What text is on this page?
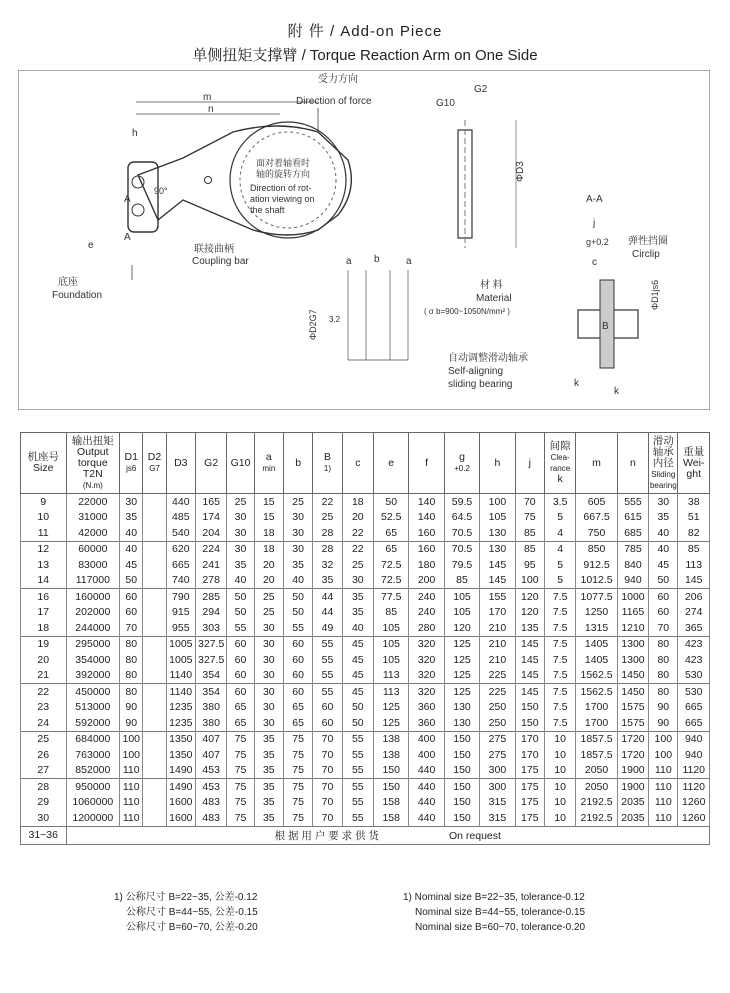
附 件 / Add-on Piece
单侧扭矩支撑臂 / Torque Reaction Arm on One Side
m
n
受力方向
Direction of force
面对着轴看时
轴的旋转方向
Direction of rot-
ation viewing on
the shaft
h
A
A
e
90°
联接曲柄
Coupling bar
底座
Foundation
G2
G10
ΦD3
a b	a
ΦD2G7 3.2
材 料
Material
( σ b=900~1050N/mm² )
自动调整滑动轴承
Self-aligning
sliding bearing
A-A
B
j
g+0.2
c
弹性挡圈
Circlip
ΦD1js6
k
k
机座号
Size	输出扭矩
Output
torque
T2N
(N.m)	D1
js6	D2
G7	D3	G2	G10	a
min	b	B
1)	c	e	f	g
+0.2	h	j	间隙
Clea-
rance
k	m	n	滑动
轴承
内径
Sliding
bearing	重量
Wei-
ght
9	22000	30		440	165	25	15	25	22	18	50	140	59.5	100	70	3.5	605	555	30	38
10	31000	35		485	174	30	15	30	25	20	52.5	140	64.5	105	75	5	667.5	615	35	51
11	42000	40		540	204	30	18	30	28	22	65	160	70.5	130	85	4	750	685	40	82
12	60000	40		620	224	30	18	30	28	22	65	160	70.5	130	85	4	850	785	40	85
13	83000	45		665	241	35	20	35	32	25	72.5	180	79.5	145	95	5	912.5	840	45	113
14	117000	50		740	278	40	20	40	35	30	72.5	200	85	145	100	5	1012.5	940	50	145
16	160000	60		790	285	50	25	50	44	35	77.5	240	105	155	120	7.5	1077.5	1000	60	206
17	202000	60		915	294	50	25	50	44	35	85	240	105	170	120	7.5	1250	1165	60	274
18	244000	70		955	303	55	30	55	49	40	105	280	120	210	135	7.5	1315	1210	70	365
19	295000	80		1005	327.5	60	30	60	55	45	105	320	125	210	145	7.5	1405	1300	80	423
20	354000	80		1005	327.5	60	30	60	55	45	105	320	125	210	145	7.5	1405	1300	80	423
21	392000	80		1140	354	60	30	60	55	45	113	320	125	225	145	7.5	1562.5	1450	80	530
22	450000	80		1140	354	60	30	60	55	45	113	320	125	225	145	7.5	1562.5	1450	80	530
23	513000	90		1235	380	65	30	65	60	50	125	360	130	250	150	7.5	1700	1575	90	665
24	592000	90		1235	380	65	30	65	60	50	125	360	130	250	150	7.5	1700	1575	90	665
25	684000	100		1350	407	75	35	75	70	55	138	400	150	275	170	10	1857.5	1720	100	940
26	763000	100		1350	407	75	35	75	70	55	138	400	150	275	170	10	1857.5	1720	100	940
27	852000	110		1490	453	75	35	75	70	55	150	440	150	300	175	10	2050	1900	110	1120
28	950000	110		1490	453	75	35	75	70	55	150	440	150	300	175	10	2050	1900	110	1120
29	1060000	110		1600	483	75	35	75	70	55	158	440	150	315	175	10	2192.5	2035	110	1260
30	1200000	110		1600	483	75	35	75	70	55	158	440	150	315	175	10	2192.5	2035	110	1260
31~36	根 据 用 户 要 求 供 货 On request																			
1) 公称尺寸 B=22~35, 公差-0.12
公称尺寸 B=44~55, 公差-0.15
公称尺寸 B=60~70, 公差-0.20
1) Nominal size B=22~35, tolerance-0.12
Nominal size B=44~55, tolerance-0.15
Nominal size B=60~70, tolerance-0.20
